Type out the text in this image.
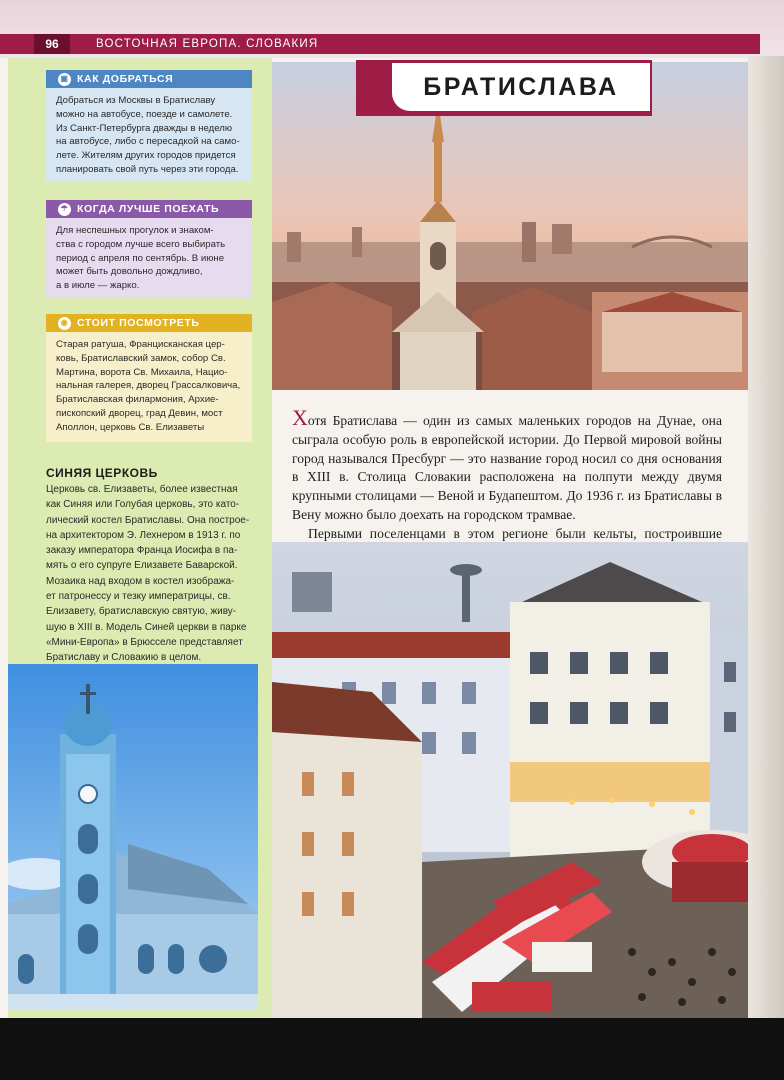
96	ВОСТОЧНАЯ ЕВРОПА. СЛОВАКИЯ
▣ КАК ДОБРАТЬСЯ
Добраться из Москвы в Братиславу
можно на автобусе, поезде и самолете.
Из Санкт-Петербурга дважды в неделю
на автобусе, либо с пересадкой на само-
лете. Жителям других городов придется
планировать свой путь через эти города.
☂ КОГДА ЛУЧШЕ ПОЕХАТЬ
Для неспешных прогулок и знаком-
ства с городом лучше всего выбирать
период с апреля по сентябрь. В июне
может быть довольно дождливо,
а в июле — жарко.
◉ СТОИТ ПОСМОТРЕТЬ
Старая ратуша, Францисканская цер-
ковь, Братиславский замок, собор Св.
Мартина, ворота Св. Михаила, Нацио-
нальная галерея, дворец Грассалковича,
Братиславская филармония, Архие-
пископский дворец, град Девин, мост
Аполлон, церковь Св. Елизаветы
СИНЯЯ ЦЕРКОВЬ
Церковь св. Елизаветы, более известная
как Синяя или Голубая церковь, это като-
лический костел Братиславы. Она построе-
на архитектором Э. Лехнером в 1913 г. по
заказу императора Франца Иосифа в па-
мять о его супруге Елизавете Баварской.
Мозаика над входом в костел изобража-
ет патронессу и тезку императрицы, св.
Елизавету, братиславскую святую, живу-
шую в XIII в. Модель Синей церкви в парке
«Мини-Европа» в Брюсселе представляет
Братиславу и Словакию в целом.
БРАТИСЛАВА

Хотя Братислава — один из самых маленьких городов на Дунае, она сыграла особую роль в европейской истории. До Первой мировой войны город назывался Пресбург — это название город носил со дня основания в XIII в. Столица Словакии расположена на полпути между двумя крупными столицами — Веной и Будапештом. До 1936 г. из Братиславы в Вену можно было доехать на городском трамвае.

Первыми поселенцами в этом регионе были кельты, построившие
